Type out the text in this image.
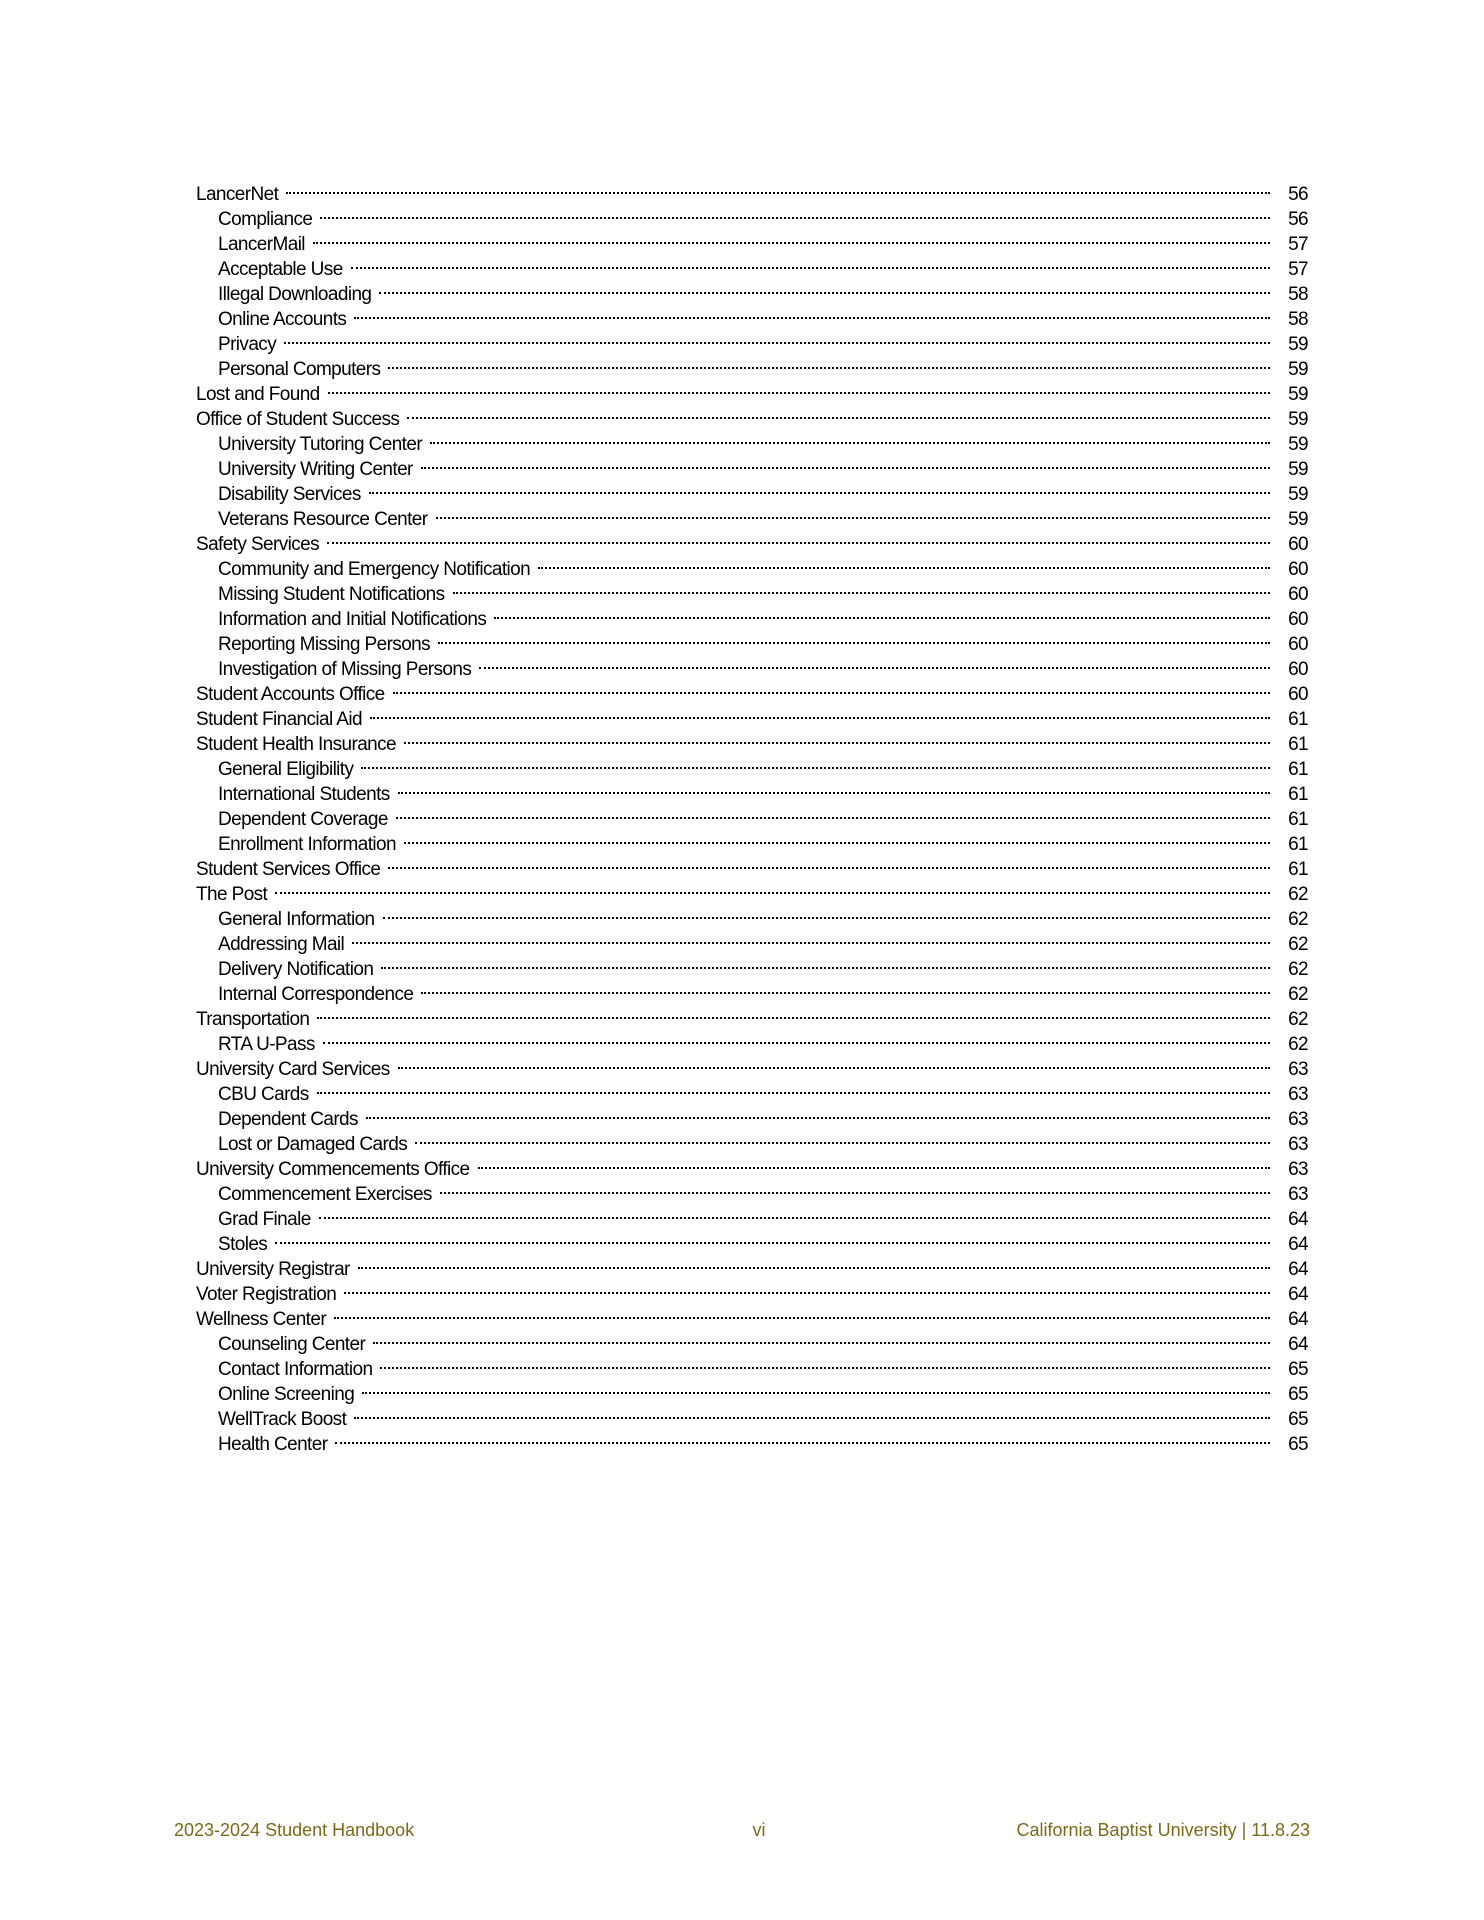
LancerNet	56
Compliance	56
LancerMail	57
Acceptable Use	57
Illegal Downloading	58
Online Accounts	58
Privacy	59
Personal Computers	59
Lost and Found	59
Office of Student Success	59
University Tutoring Center	59
University Writing Center	59
Disability Services	59
Veterans Resource Center	59
Safety Services	60
Community and Emergency Notification	60
Missing Student Notifications	60
Information and Initial Notifications	60
Reporting Missing Persons	60
Investigation of Missing Persons	60
Student Accounts Office	60
Student Financial Aid	61
Student Health Insurance	61
General Eligibility	61
International Students	61
Dependent Coverage	61
Enrollment Information	61
Student Services Office	61
The Post	62
General Information	62
Addressing Mail	62
Delivery Notification	62
Internal Correspondence	62
Transportation	62
RTA U-Pass	62
University Card Services	63
CBU Cards	63
Dependent Cards	63
Lost or Damaged Cards	63
University Commencements Office	63
Commencement Exercises	63
Grad Finale	64
Stoles	64
University Registrar	64
Voter Registration	64
Wellness Center	64
Counseling Center	64
Contact Information	65
Online Screening	65
WellTrack Boost	65
Health Center	65
2023-2024 Student Handbook	vi	California Baptist University | 11.8.23
